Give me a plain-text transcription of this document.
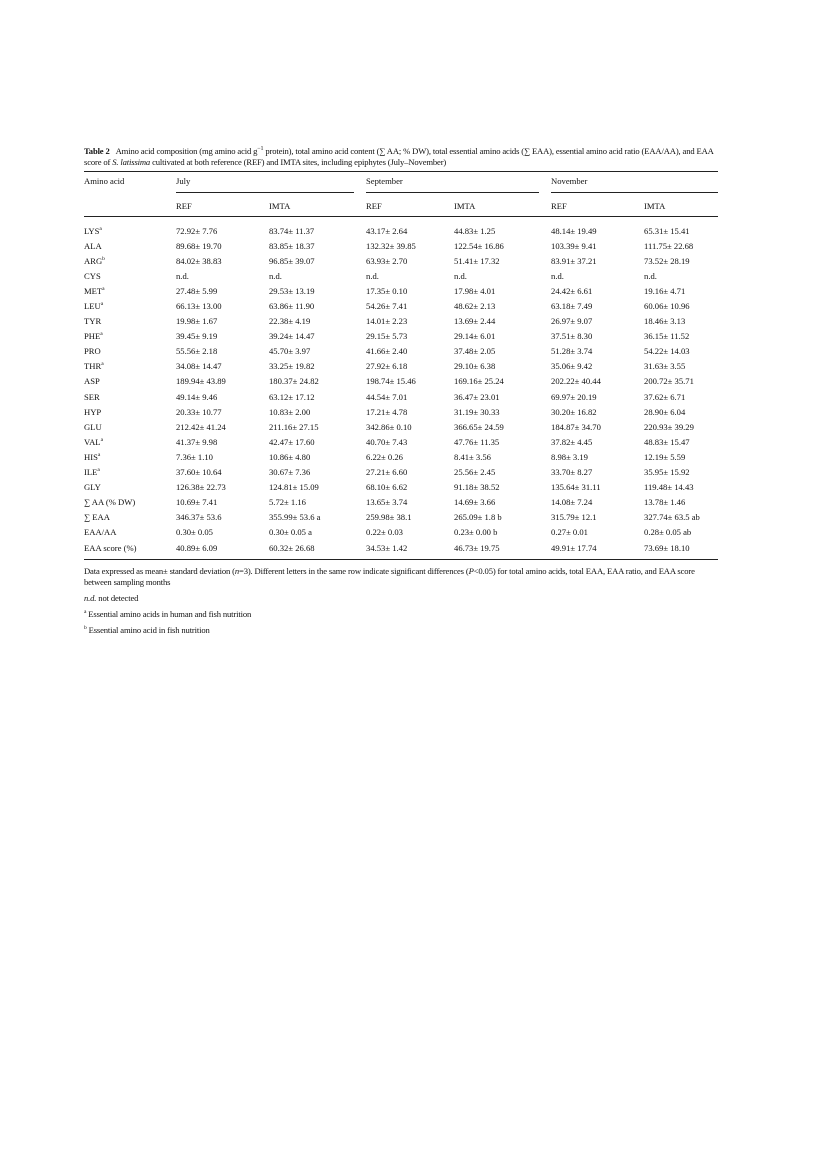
Table 2 Amino acid composition (mg amino acid $g^{-1}$ protein), total amino acid content (∑ AA; % DW), total essential amino acids (∑ EAA), essential amino acid ratio (EAA/AA), and EAA score of S. latissima cultivated at both reference (REF) and IMTA sites, including epiphytes (July–November)

Amino acid	July		September		November	

	REF	IMTA	REF	IMTA	REF	IMTA

LYS$^a$	72.92± 7.76	83.74± 11.37	43.17± 2.64	44.83± 1.25	48.14± 19.49	65.31± 15.41
ALA	89.68± 19.70	83.85± 18.37	132.32± 39.85	122.54± 16.86	103.39± 9.41	111.75± 22.68
ARG$^b$	84.02± 38.83	96.85± 39.07	63.93± 2.70	51.41± 17.32	83.91± 37.21	73.52± 28.19
CYS	n.d.	n.d.	n.d.	n.d.	n.d.	n.d.
MET$^a$	27.48± 5.99	29.53± 13.19	17.35± 0.10	17.98± 4.01	24.42± 6.61	19.16± 4.71
LEU$^a$	66.13± 13.00	63.86± 11.90	54.26± 7.41	48.62± 2.13	63.18± 7.49	60.06± 10.96
TYR	19.98± 1.67	22.38± 4.19	14.01± 2.23	13.69± 2.44	26.97± 9.07	18.46± 3.13
PHE$^a$	39.45± 9.19	39.24± 14.47	29.15± 5.73	29.14± 6.01	37.51± 8.30	36.15± 11.52
PRO	55.56± 2.18	45.70± 3.97	41.66± 2.40	37.48± 2.05	51.28± 3.74	54.22± 14.03
THR$^a$	34.08± 14.47	33.25± 19.82	27.92± 6.18	29.10± 6.38	35.06± 9.42	31.63± 3.55
ASP	189.94± 43.89	180.37± 24.82	198.74± 15.46	169.16± 25.24	202.22± 40.44	200.72± 35.71
SER	49.14± 9.46	63.12± 17.12	44.54± 7.01	36.47± 23.01	69.97± 20.19	37.62± 6.71
HYP	20.33± 10.77	10.83± 2.00	17.21± 4.78	31.19± 30.33	30.20± 16.82	28.90± 6.04
GLU	212.42± 41.24	211.16± 27.15	342.86± 0.10	366.65± 24.59	184.87± 34.70	220.93± 39.29
VAL$^a$	41.37± 9.98	42.47± 17.60	40.70± 7.43	47.76± 11.35	37.82± 4.45	48.83± 15.47
HIS$^a$	7.36± 1.10	10.86± 4.80	6.22± 0.26	8.41± 3.56	8.98± 3.19	12.19± 5.59
ILE$^a$	37.60± 10.64	30.67± 7.36	27.21± 6.60	25.56± 2.45	33.70± 8.27	35.95± 15.92
GLY	126.38± 22.73	124.81± 15.09	68.10± 6.62	91.18± 38.52	135.64± 31.11	119.48± 14.43
∑ AA (% DW)	10.69± 7.41	5.72± 1.16	13.65± 3.74	14.69± 3.66	14.08± 7.24	13.78± 1.46
∑ EAA	346.37± 53.6	355.99± 53.6 a	259.98± 38.1	265.09± 1.8 b	315.79± 12.1	327.74± 63.5 ab
EAA/AA	0.30± 0.05	0.30± 0.05 a	0.22± 0.03	0.23± 0.00 b	0.27± 0.01	0.28± 0.05 ab
EAA score (%)	40.89± 6.09	60.32± 26.68	34.53± 1.42	46.73± 19.75	49.91± 17.74	73.69± 18.10

Data expressed as mean± standard deviation (n=3). Different letters in the same row indicate significant differences (P<0.05) for total amino acids, total EAA, EAA ratio, and EAA score between sampling months

n.d. not detected

$^a$ Essential amino acids in human and fish nutrition

$^b$ Essential amino acid in fish nutrition
